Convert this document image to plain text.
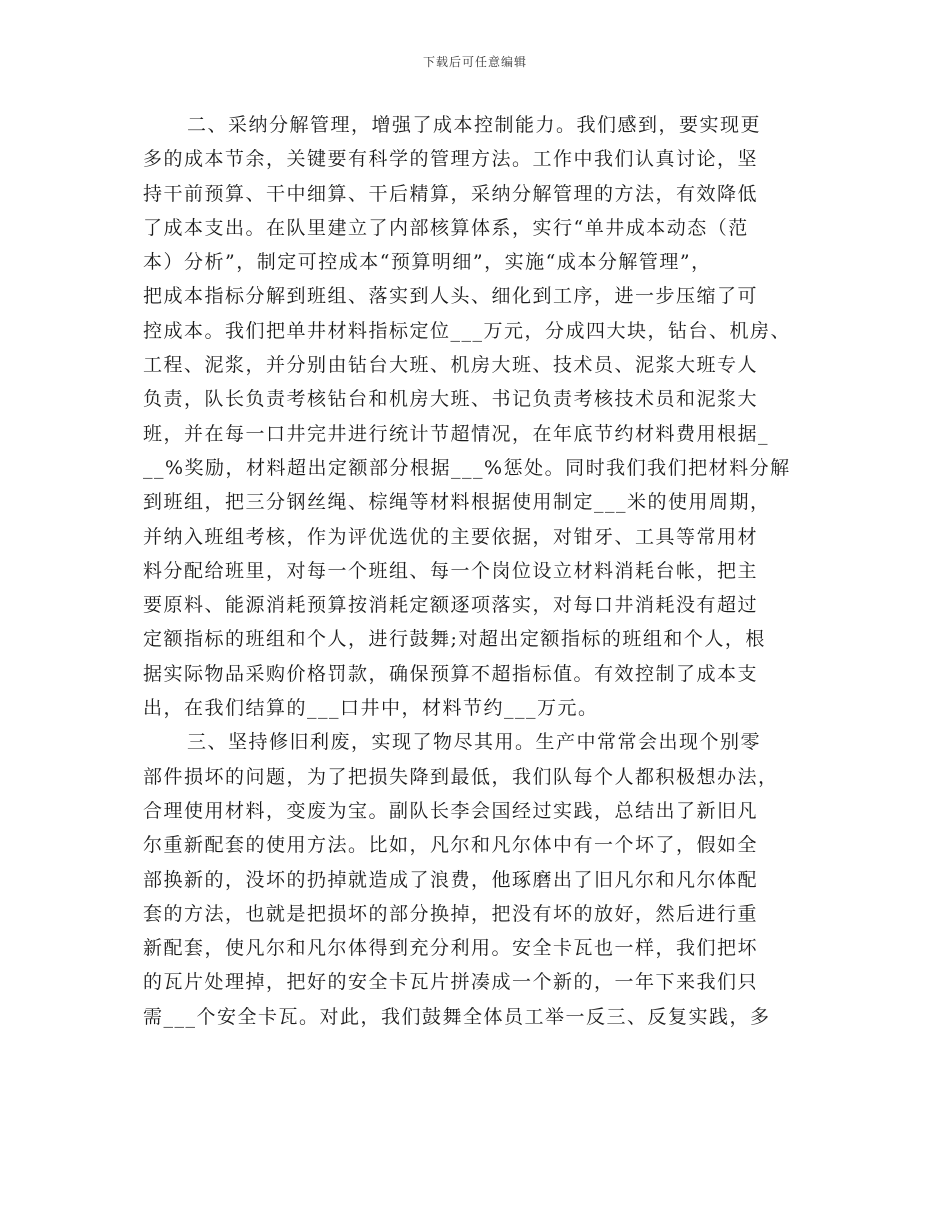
下载后可任意编辑
二、采纳分解管理，增强了成本控制能力。我们感到，要实现更
多的成本节余，关键要有科学的管理方法。工作中我们认真讨论，坚
持干前预算、干中细算、干后精算，采纳分解管理的方法，有效降低
了成本支出。在队里建立了内部核算体系，实行“单井成本动态（范
本）分析”，制定可控成本“预算明细”，实施“成本分解管理”，
把成本指标分解到班组、落实到人头、细化到工序，进一步压缩了可
控成本。我们把单井材料指标定位___万元，分成四大块，钻台、机房、
工程、泥浆，并分别由钻台大班、机房大班、技术员、泥浆大班专人
负责，队长负责考核钻台和机房大班、书记负责考核技术员和泥浆大
班，并在每一口井完井进行统计节超情况，在年底节约材料费用根据_
__%奖励，材料超出定额部分根据___%惩处。同时我们我们把材料分解
到班组，把三分钢丝绳、棕绳等材料根据使用制定___米的使用周期，
并纳入班组考核，作为评优选优的主要依据，对钳牙、工具等常用材
料分配给班里，对每一个班组、每一个岗位设立材料消耗台帐，把主
要原料、能源消耗预算按消耗定额逐项落实，对每口井消耗没有超过
定额指标的班组和个人，进行鼓舞;对超出定额指标的班组和个人，根
据实际物品采购价格罚款，确保预算不超指标值。有效控制了成本支
出，在我们结算的___口井中，材料节约___万元。
三、坚持修旧利废，实现了物尽其用。生产中常常会出现个别零
部件损坏的问题，为了把损失降到最低，我们队每个人都积极想办法，
合理使用材料，变废为宝。副队长李会国经过实践，总结出了新旧凡
尔重新配套的使用方法。比如，凡尔和凡尔体中有一个坏了，假如全
部换新的，没坏的扔掉就造成了浪费，他琢磨出了旧凡尔和凡尔体配
套的方法，也就是把损坏的部分换掉，把没有坏的放好，然后进行重
新配套，使凡尔和凡尔体得到充分利用。安全卡瓦也一样，我们把坏
的瓦片处理掉，把好的安全卡瓦片拼凑成一个新的，一年下来我们只
需___个安全卡瓦。对此，我们鼓舞全体员工举一反三、反复实践，多
